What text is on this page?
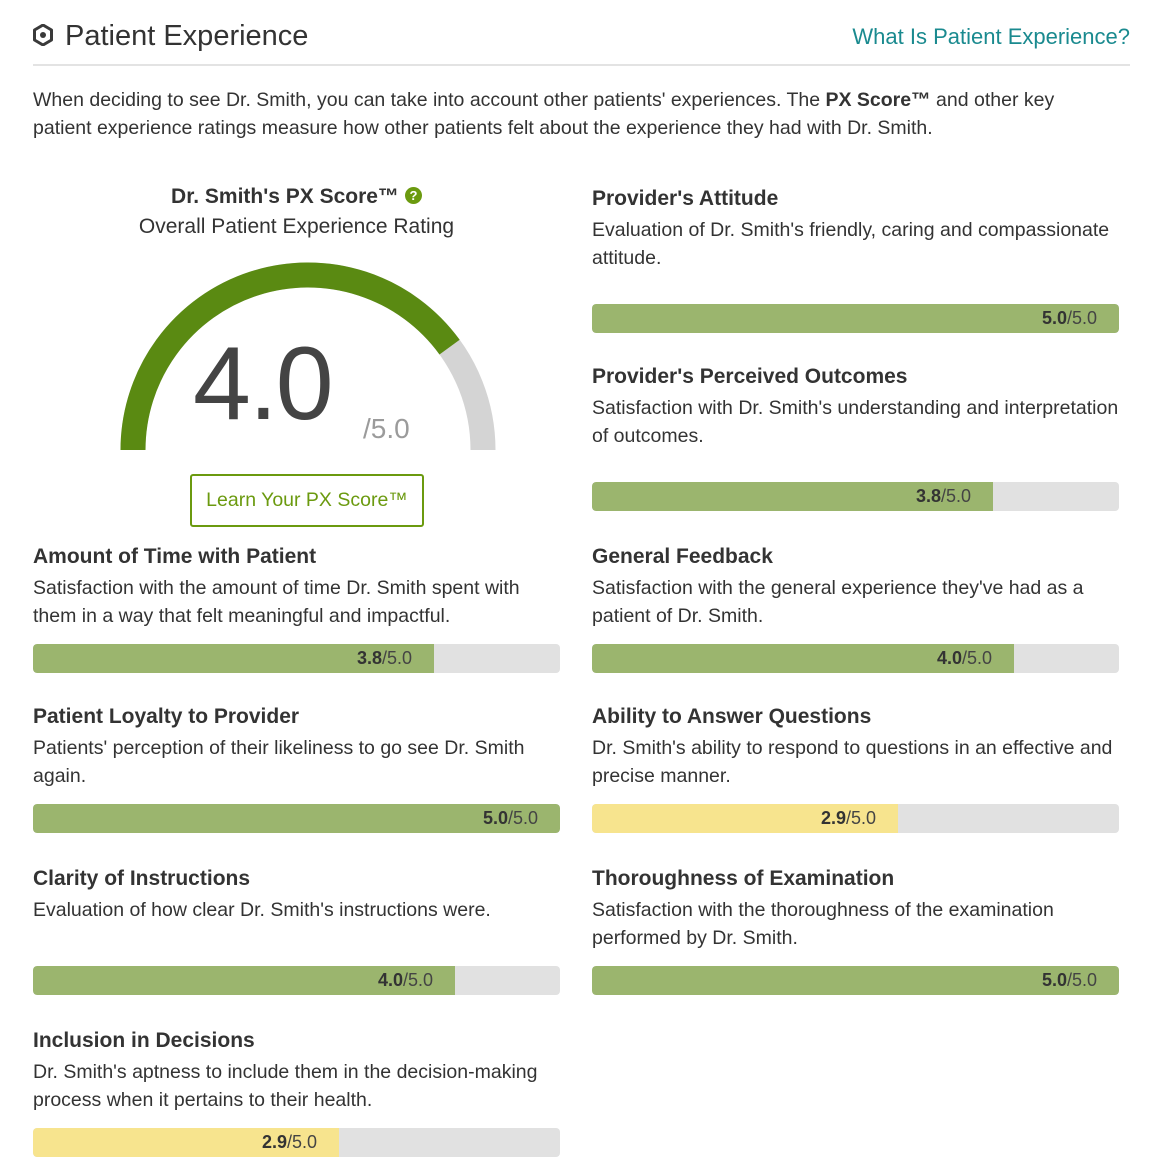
Patient Experience	What Is Patient Experience?

When deciding to see Dr. Smith, you can take into account other patients' experiences. The PX Score™ and other key patient experience ratings measure how other patients felt about the experience they had with Dr. Smith.

Dr. Smith's PX Score™ ?
Overall Patient Experience Rating
4.0 /5.0
Learn Your PX Score™
Provider's Attitude
Evaluation of Dr. Smith's friendly, caring and compassionate attitude.
5.0/5.0
Provider's Perceived Outcomes
Satisfaction with Dr. Smith's understanding and interpretation of outcomes.
3.8/5.0
Amount of Time with Patient
Satisfaction with the amount of time Dr. Smith spent with them in a way that felt meaningful and impactful.
3.8/5.0
General Feedback
Satisfaction with the general experience they've had as a patient of Dr. Smith.
4.0/5.0
Patient Loyalty to Provider
Patients' perception of their likeliness to go see Dr. Smith again.
5.0/5.0
Ability to Answer Questions
Dr. Smith's ability to respond to questions in an effective and precise manner.
2.9/5.0
Clarity of Instructions
Evaluation of how clear Dr. Smith's instructions were.
4.0/5.0
Thoroughness of Examination
Satisfaction with the thoroughness of the examination performed by Dr. Smith.
5.0/5.0
Inclusion in Decisions
Dr. Smith's aptness to include them in the decision-making process when it pertains to their health.
2.9/5.0
